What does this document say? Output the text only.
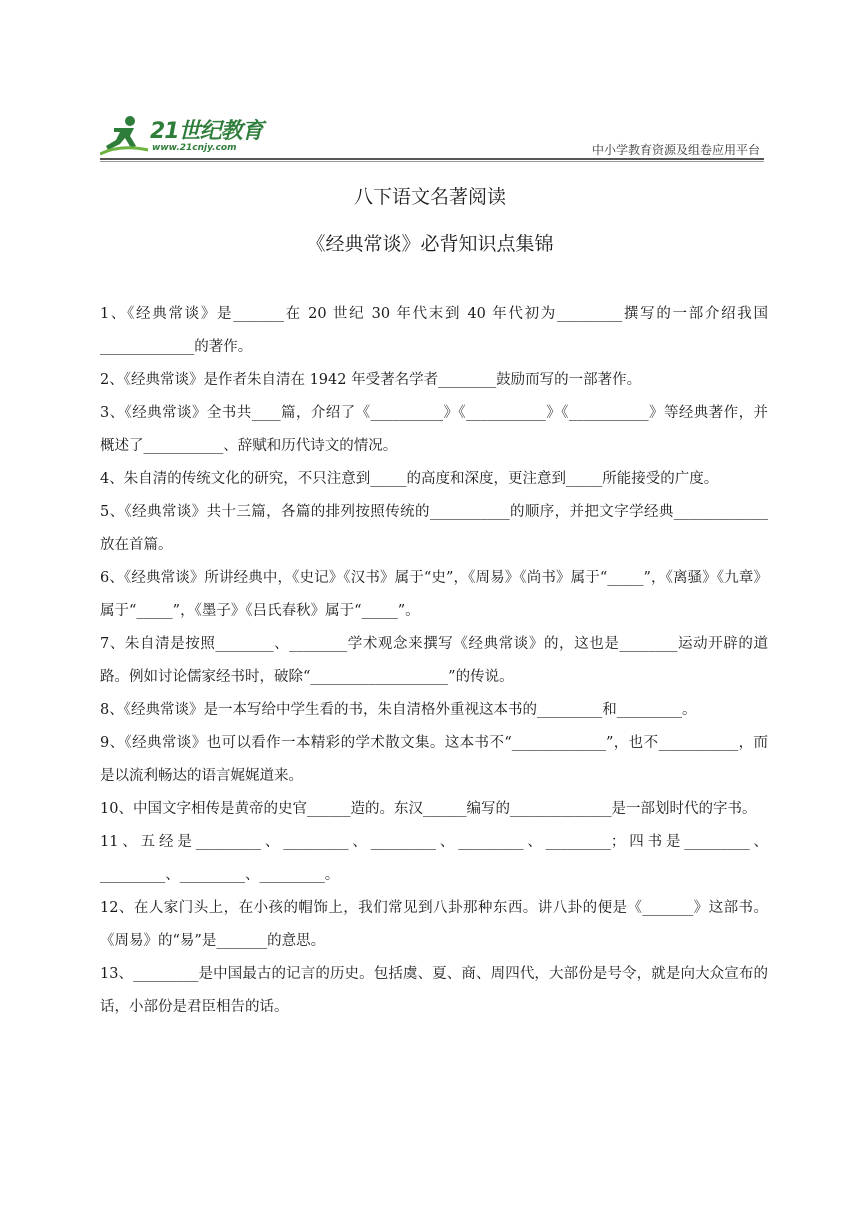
21世纪教育
www.21cnjy.com	中小学教育资源及组卷应用平台
八下语文名著阅读
《经典常谈》必背知识点集锦
1、《经典常谈》是_______在 20 世纪 30 年代末到 40 年代初为_________撰写的一部介绍我国_____________的著作。
2、《经典常谈》是作者朱自清在 1942 年受著名学者________鼓励而写的一部著作。
3、《经典常谈》全书共____篇，介绍了《__________》《___________》《___________》等经典著作，并概述了___________、辞赋和历代诗文的情况。
4、朱自清的传统文化的研究，不只注意到_____的高度和深度，更注意到_____所能接受的广度。
5、《经典常谈》共十三篇，各篇的排列按照传统的___________的顺序，并把文字学经典_____________放在首篇。
6、《经典常谈》所讲经典中，《史记》《汉书》属于“史”，《周易》《尚书》属于“_____”，《离骚》《九章》属于“_____”，《墨子》《吕氏春秋》属于“_____”。
7、朱自清是按照________、________学术观念来撰写《经典常谈》的，这也是________运动开辟的道路。例如讨论儒家经书时，破除“___________________”的传说。
8、《经典常谈》是一本写给中学生看的书，朱自清格外重视这本书的_________和_________。
9、《经典常谈》也可以看作一本精彩的学术散文集。这本书不“_____________”，也不___________，而是以流利畅达的语言娓娓道来。
10、中国文字相传是黄帝的史官______造的。东汉______编写的______________是一部划时代的字书。
11、五经是_________、_________、_________、_________、_________；四书是_________、_________、_________、_________。
12、在人家门头上，在小孩的帽饰上，我们常见到八卦那种东西。讲八卦的便是《_______》这部书。《周易》的“易”是_______的意思。
13、_________是中国最古的记言的历史。包括虞、夏、商、周四代，大部份是号令，就是向大众宣布的话，小部份是君臣相告的话。
